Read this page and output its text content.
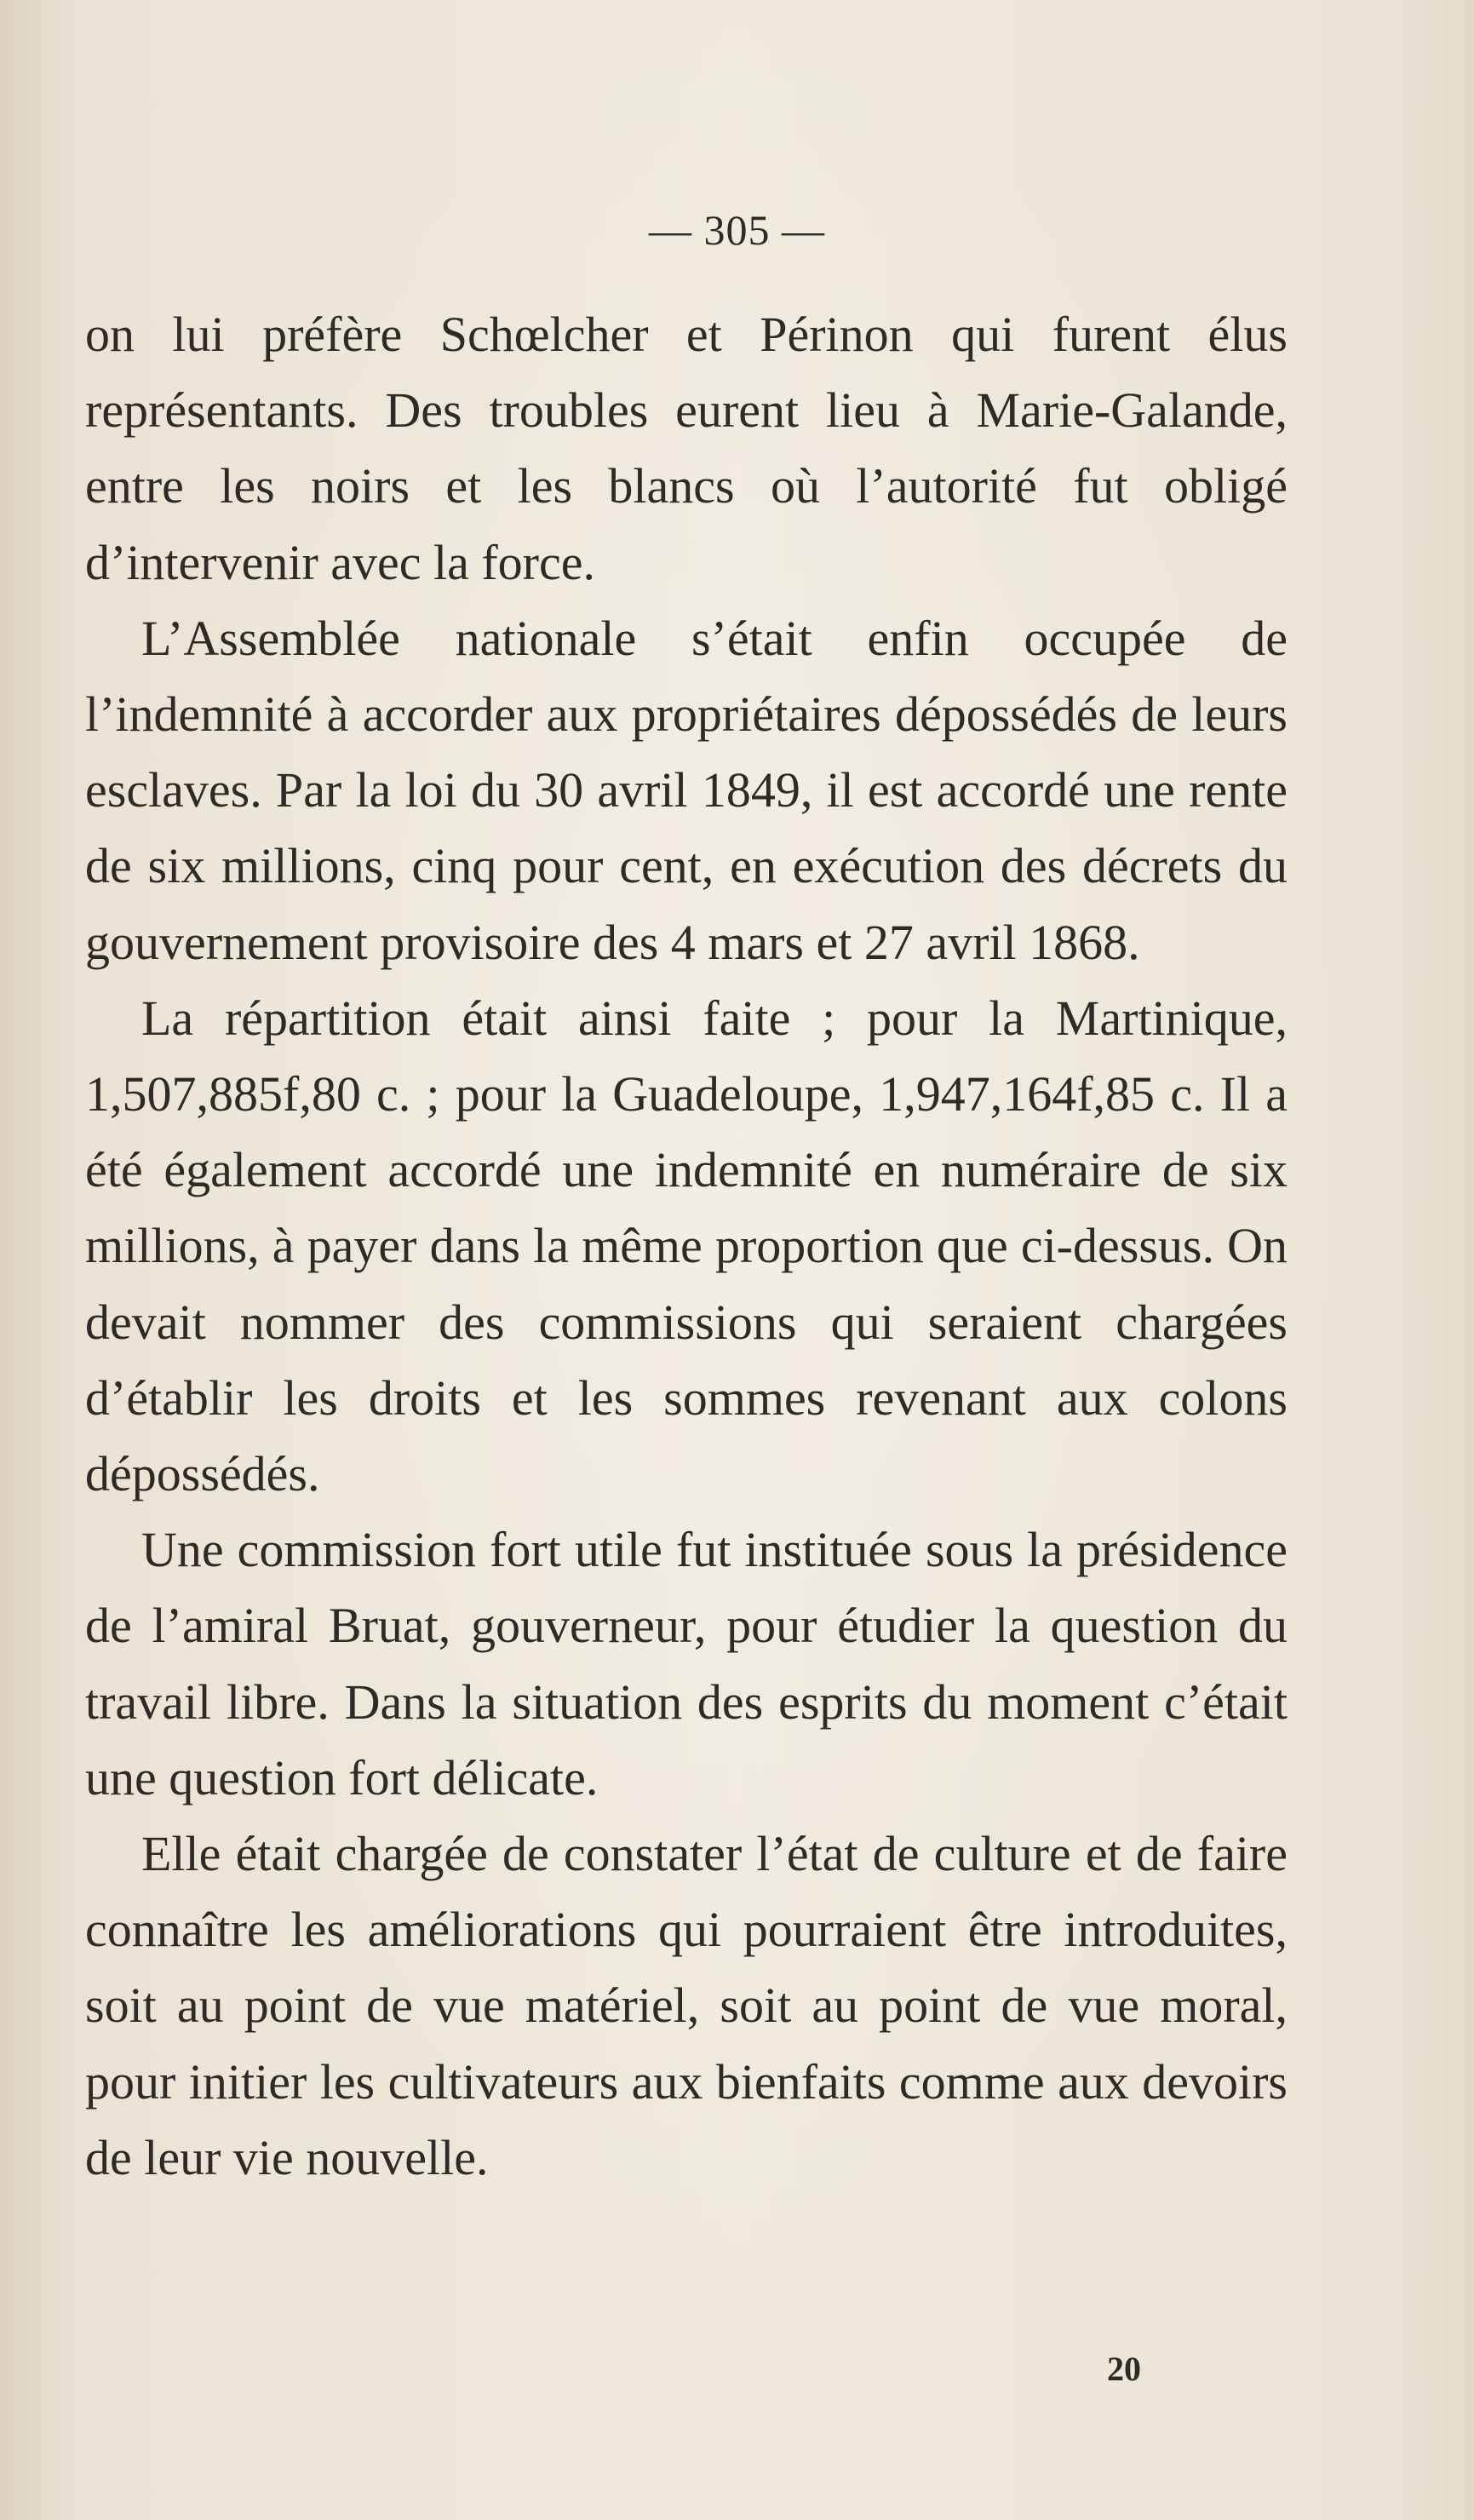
— 305 —

on lui préfère Schœlcher et Périnon qui furent élus représentants. Des troubles eurent lieu à Marie-Galande, entre les noirs et les blancs où l’autorité fut obligé d’intervenir avec la force.

L’Assemblée nationale s’était enfin occupée de l’indemnité à accorder aux propriétaires dépossédés de leurs esclaves. Par la loi du 30 avril 1849, il est accordé une rente de six millions, cinq pour cent, en exécution des décrets du gouvernement provisoire des 4 mars et 27 avril 1868.

La répartition était ainsi faite ; pour la Martinique, 1,507,885f,80 c. ; pour la Guadeloupe, 1,947,164f,85 c. Il a été également accordé une indemnité en numéraire de six millions, à payer dans la même proportion que ci-dessus. On devait nommer des commissions qui seraient chargées d’établir les droits et les sommes revenant aux colons dépossédés.

Une commission fort utile fut instituée sous la présidence de l’amiral Bruat, gouverneur, pour étudier la question du travail libre. Dans la situation des esprits du moment c’était une question fort délicate.

Elle était chargée de constater l’état de culture et de faire connaître les améliorations qui pourraient être introduites, soit au point de vue matériel, soit au point de vue moral, pour initier les cultivateurs aux bienfaits comme aux devoirs de leur vie nouvelle.

20
